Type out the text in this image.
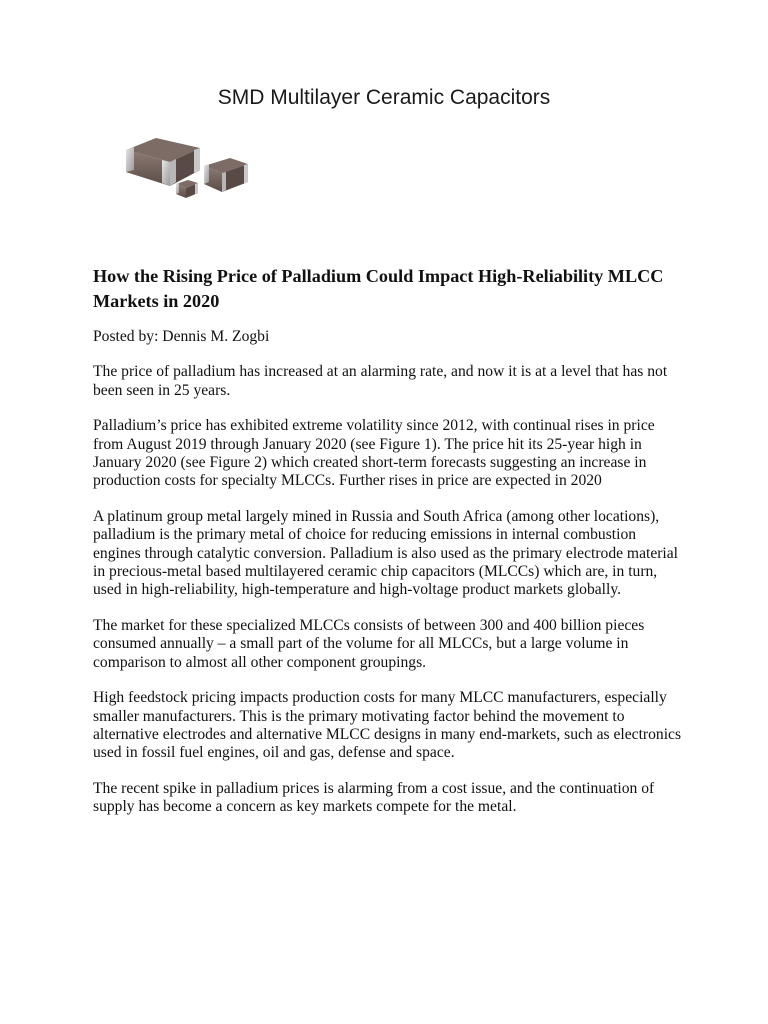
SMD Multilayer Ceramic Capacitors
How the Rising Price of Palladium Could Impact High-Reliability MLCC Markets in 2020

Posted by: Dennis M. Zogbi

The price of palladium has increased at an alarming rate, and now it is at a level that has not been seen in 25 years.

Palladium’s price has exhibited extreme volatility since 2012, with continual rises in price from August 2019 through January 2020 (see Figure 1). The price hit its 25-year high in January 2020 (see Figure 2) which created short-term forecasts suggesting an increase in production costs for specialty MLCCs. Further rises in price are expected in 2020

A platinum group metal largely mined in Russia and South Africa (among other locations), palladium is the primary metal of choice for reducing emissions in internal combustion engines through catalytic conversion. Palladium is also used as the primary electrode material in precious-metal based multilayered ceramic chip capacitors (MLCCs) which are, in turn, used in high-reliability, high-temperature and high-voltage product markets globally.

The market for these specialized MLCCs consists of between 300 and 400 billion pieces consumed annually – a small part of the volume for all MLCCs, but a large volume in comparison to almost all other component groupings.

High feedstock pricing impacts production costs for many MLCC manufacturers, especially smaller manufacturers. This is the primary motivating factor behind the movement to alternative electrodes and alternative MLCC designs in many end-markets, such as electronics used in fossil fuel engines, oil and gas, defense and space.

The recent spike in palladium prices is alarming from a cost issue, and the continuation of supply has become a concern as key markets compete for the metal.
